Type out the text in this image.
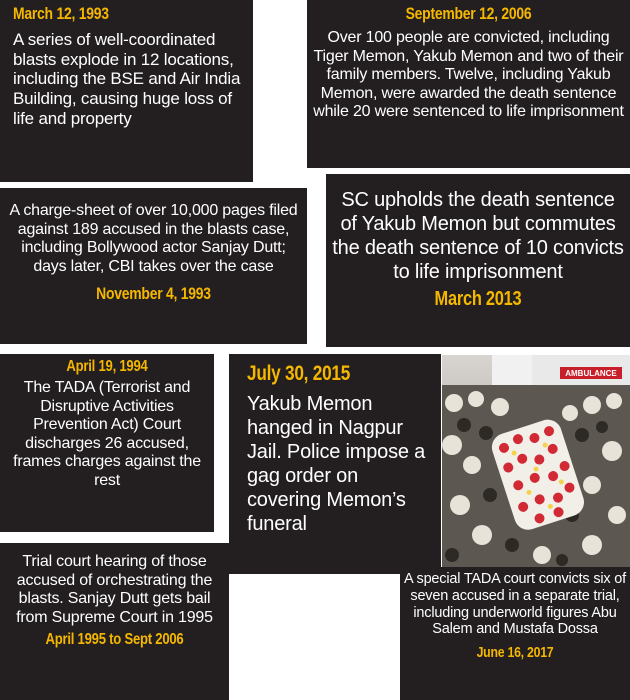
March 12, 1993
A series of well-coordinated blasts explode in 12 locations, including the BSE and Air India Building, causing huge loss of life and property
September 12, 2006
Over 100 people are convicted, including Tiger Memon, Yakub Memon and two of their family members. Twelve, including Yakub Memon, were awarded the death sentence while 20 were sentenced to life imprisonment
A charge-sheet of over 10,000 pages filed against 189 accused in the blasts case, including Bollywood actor Sanjay Dutt; days later, CBI takes over the case
November 4, 1993
SC upholds the death sentence of Yakub Memon but commutes the death sentence of 10 convicts to life imprisonment
March 2013
April 19, 1994
The TADA (Terrorist and Disruptive Activities Prevention Act) Court discharges 26 accused, frames charges against the rest
July 30, 2015
Yakub Memon hanged in Nagpur Jail. Police impose a gag order on covering Memon’s funeral
AMBULANCE
Trial court hearing of those accused of orchestrating the blasts. Sanjay Dutt gets bail from Supreme Court in 1995
April 1995 to Sept 2006
A special TADA court convicts six of seven accused in a separate trial, including underworld figures Abu Salem and Mustafa Dossa
June 16, 2017
